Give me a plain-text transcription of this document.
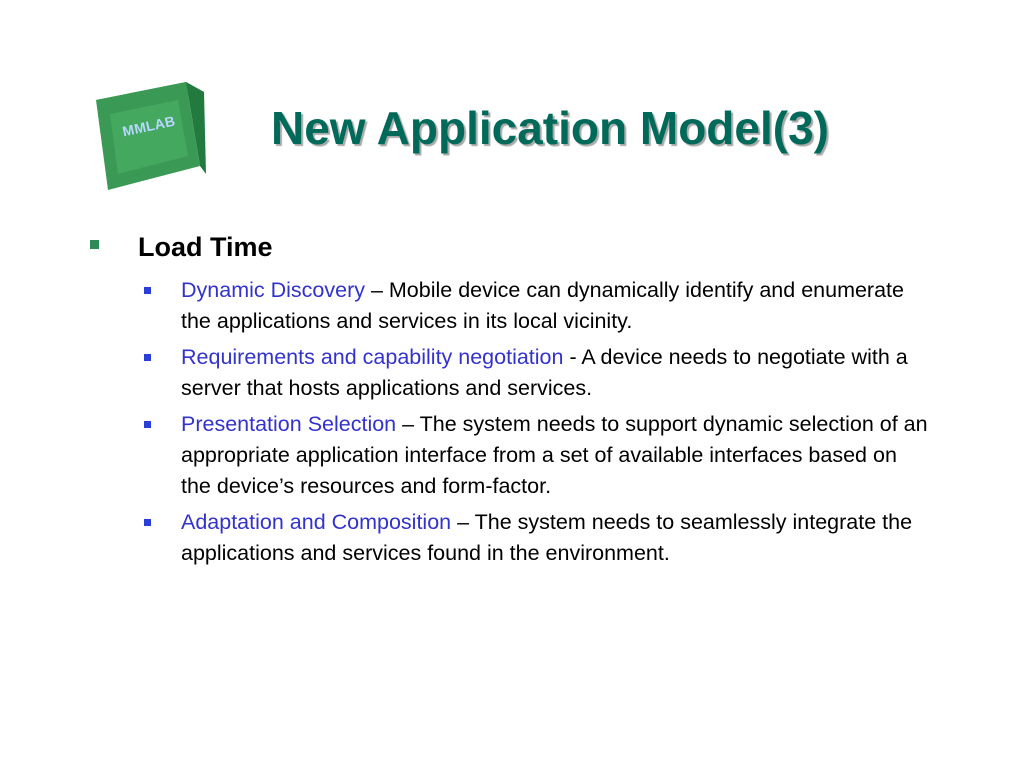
MMLAB New Application Model(3)
Load Time
Dynamic Discovery – Mobile device can dynamically identify and enumerate the applications and services in its local vicinity.
Requirements and capability negotiation - A device needs to negotiate with a server that hosts applications and services.
Presentation Selection – The system needs to support dynamic selection of an appropriate application interface from a set of available interfaces based on the device’s resources and form-factor.
Adaptation and Composition – The system needs to seamlessly integrate the applications and services found in the environment.
